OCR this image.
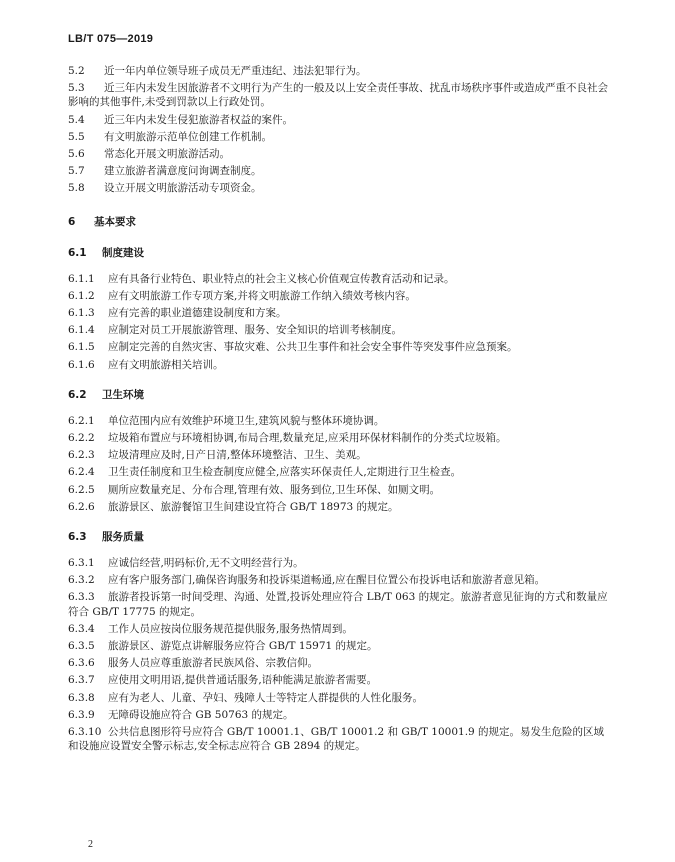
LB/T 075—2019
5.2	近一年内单位领导班子成员无严重违纪、违法犯罪行为。
5.3 近三年内未发生因旅游者不文明行为产生的一般及以上安全责任事故、扰乱市场秩序事件或造成严重不良社会影响的其他事件,未受到罚款以上行政处罚。
5.4	近三年内未发生侵犯旅游者权益的案件。
5.5	有文明旅游示范单位创建工作机制。
5.6	常态化开展文明旅游活动。
5.7	建立旅游者满意度问询调查制度。
5.8	设立开展文明旅游活动专项资金。
6	基本要求
6.1	制度建设
6.1.1	应有具备行业特色、职业特点的社会主义核心价值观宣传教育活动和记录。
6.1.2	应有文明旅游工作专项方案,并将文明旅游工作纳入绩效考核内容。
6.1.3	应有完善的职业道德建设制度和方案。
6.1.4	应制定对员工开展旅游管理、服务、安全知识的培训考核制度。
6.1.5	应制定完善的自然灾害、事故灾难、公共卫生事件和社会安全事件等突发事件应急预案。
6.1.6	应有文明旅游相关培训。
6.2	卫生环境
6.2.1	单位范围内应有效维护环境卫生,建筑风貌与整体环境协调。
6.2.2	垃圾箱布置应与环境相协调,布局合理,数量充足,应采用环保材料制作的分类式垃圾箱。
6.2.3	垃圾清理应及时,日产日清,整体环境整洁、卫生、美观。
6.2.4	卫生责任制度和卫生检查制度应健全,应落实环保责任人,定期进行卫生检查。
6.2.5	厕所应数量充足、分布合理,管理有效、服务到位,卫生环保、如厕文明。
6.2.6	旅游景区、旅游餐馆卫生间建设宜符合 GB/T 18973 的规定。
6.3	服务质量
6.3.1	应诚信经营,明码标价,无不文明经营行为。
6.3.2 应有客户服务部门,确保咨询服务和投诉渠道畅通,应在醒目位置公布投诉电话和旅游者意见箱。
6.3.3 旅游者投诉第一时间受理、沟通、处置,投诉处理应符合 LB/T 063 的规定。旅游者意见征询的方式和数量应符合 GB/T 17775 的规定。
6.3.4	工作人员应按岗位服务规范提供服务,服务热情周到。
6.3.5	旅游景区、游览点讲解服务应符合 GB/T 15971 的规定。
6.3.6	服务人员应尊重旅游者民族风俗、宗教信仰。
6.3.7	应使用文明用语,提供普通话服务,语种能满足旅游者需要。
6.3.8	应有为老人、儿童、孕妇、残障人士等特定人群提供的人性化服务。
6.3.9	无障碍设施应符合 GB 50763 的规定。
6.3.10 公共信息图形符号应符合 GB/T 10001.1、GB/T 10001.2 和 GB/T 10001.9 的规定。易发生危险的区域和设施应设置安全警示标志,安全标志应符合 GB 2894 的规定。
2
